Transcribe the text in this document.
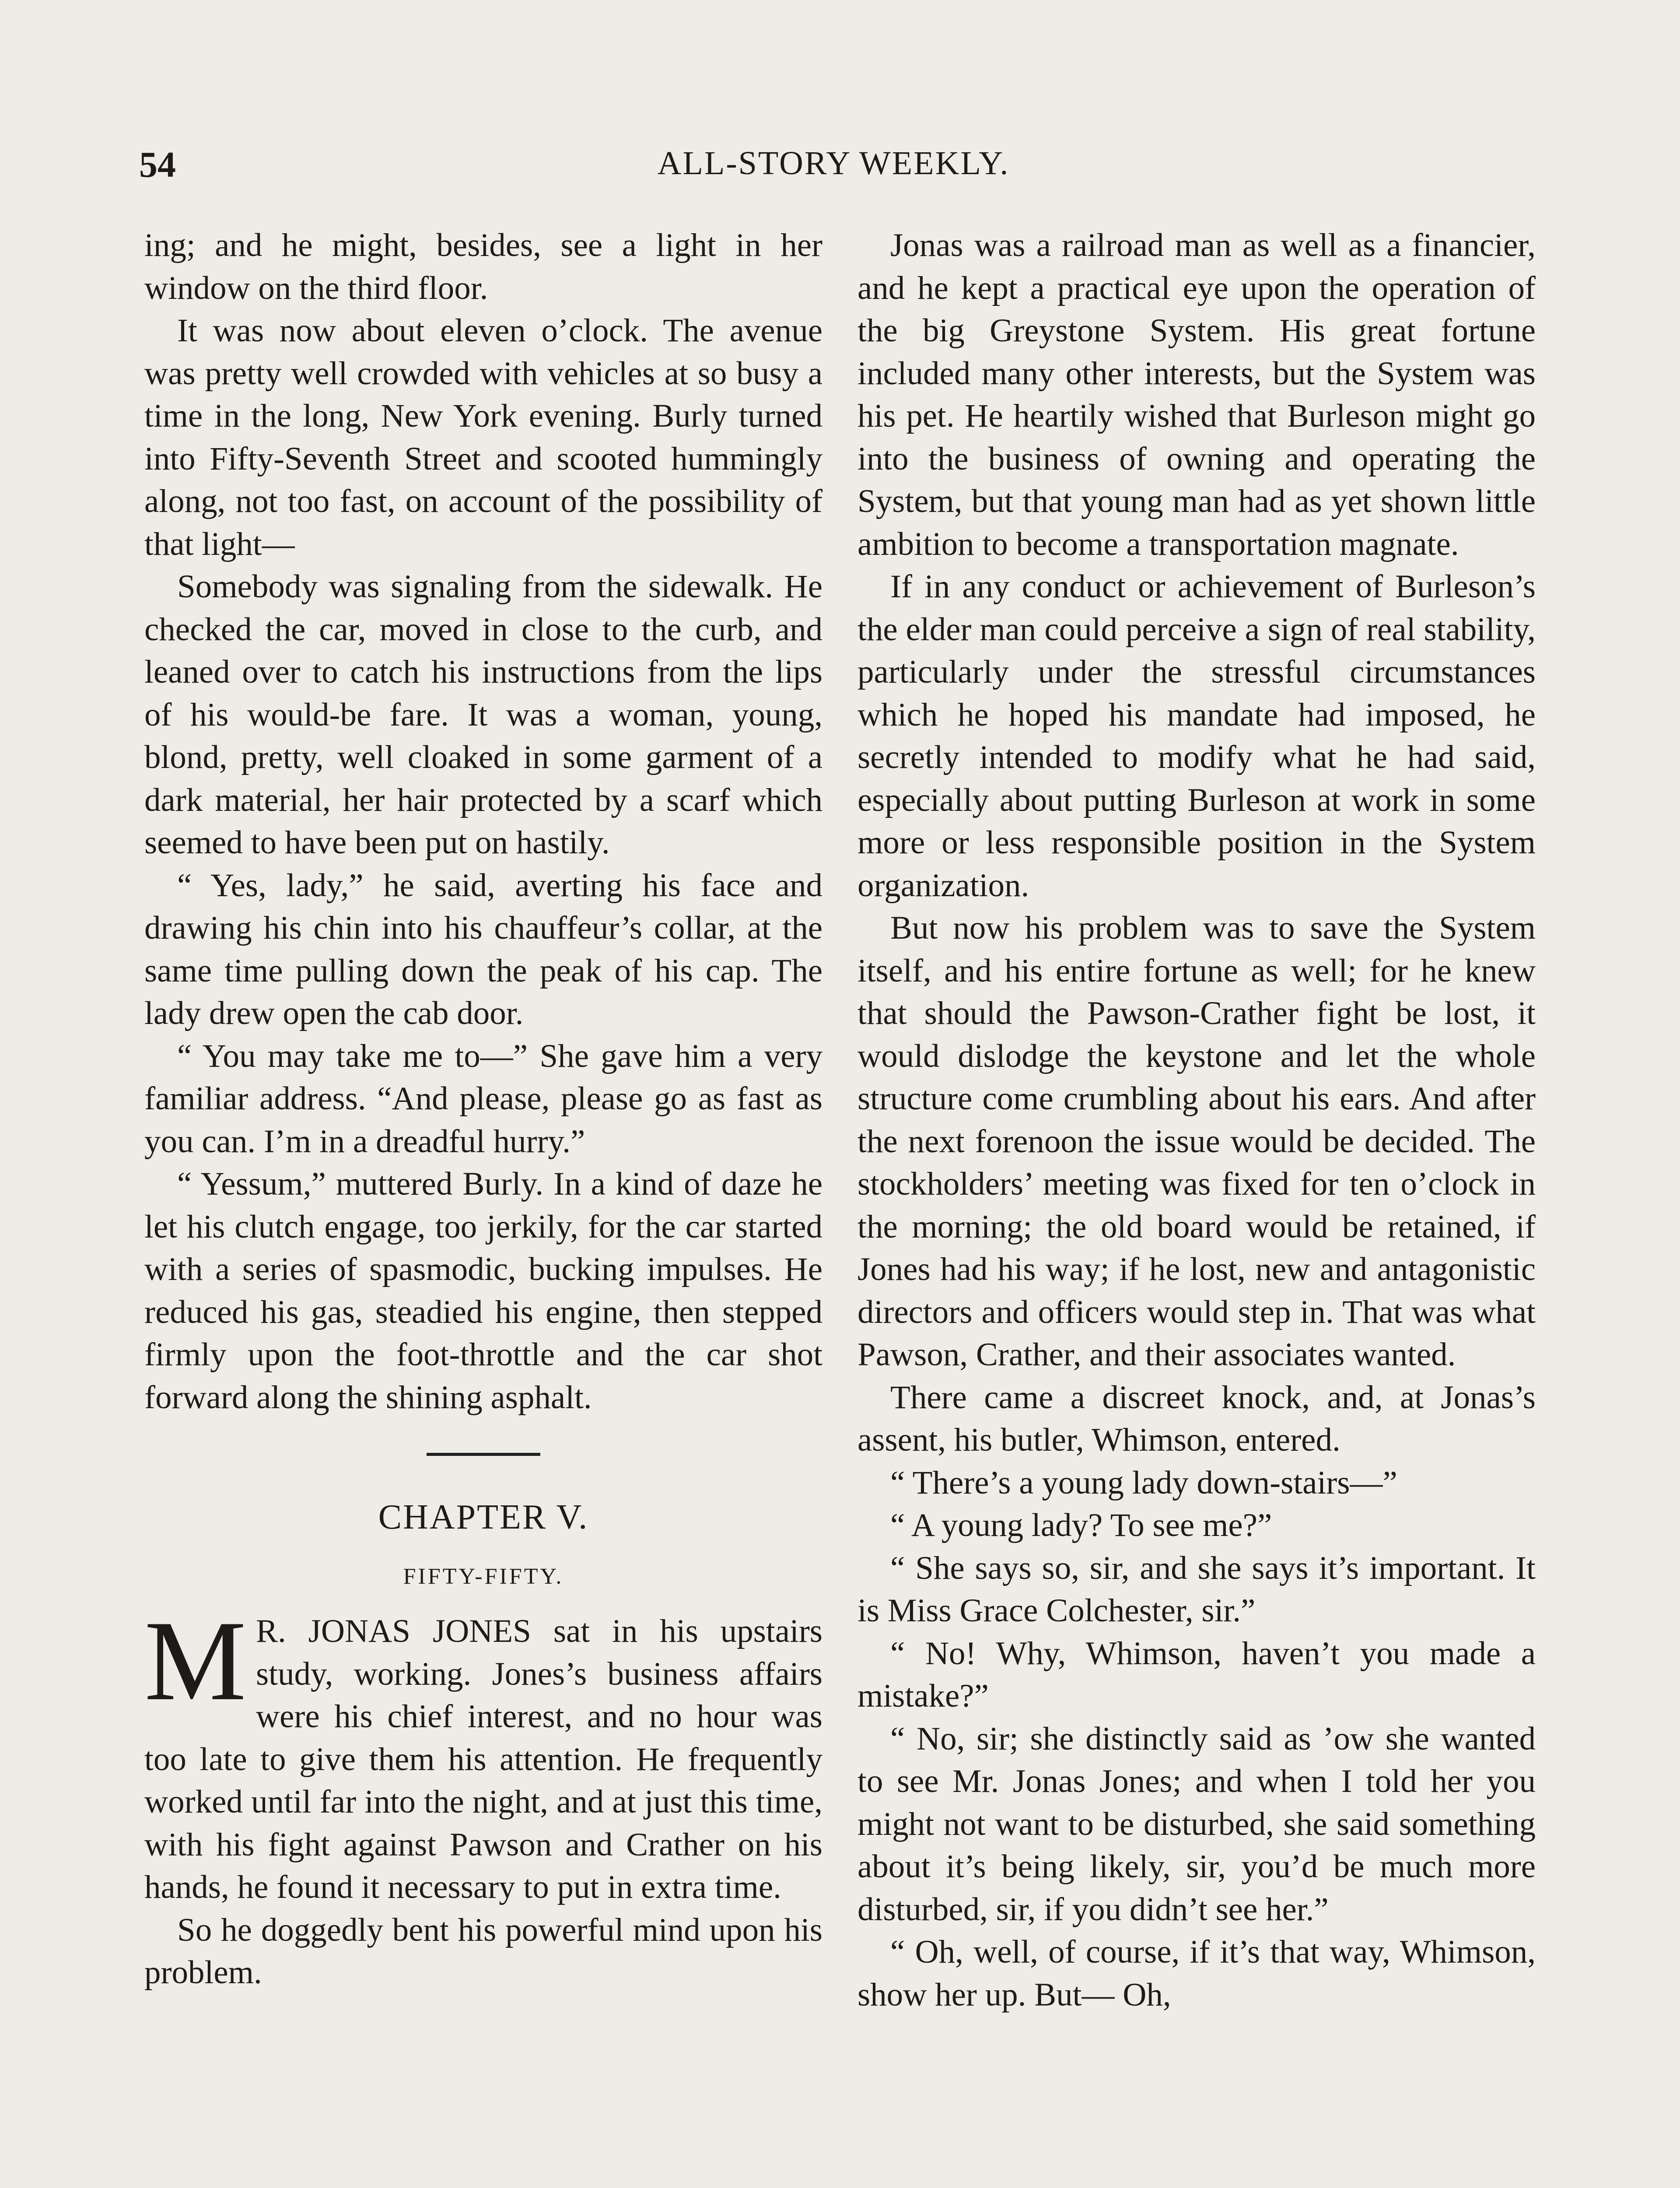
54	ALL-STORY WEEKLY.

ing; and he might, besides, see a light in her window on the third floor.

It was now about eleven o’clock. The avenue was pretty well crowded with vehicles at so busy a time in the long, New York evening. Burly turned into Fifty-Seventh Street and scooted hummingly along, not too fast, on account of the possibility of that light—

Somebody was signaling from the sidewalk. He checked the car, moved in close to the curb, and leaned over to catch his instructions from the lips of his would-be fare. It was a woman, young, blond, pretty, well cloaked in some garment of a dark material, her hair protected by a scarf which seemed to have been put on hastily.

“ Yes, lady,” he said, averting his face and drawing his chin into his chauffeur’s collar, at the same time pulling down the peak of his cap. The lady drew open the cab door.

“ You may take me to—” She gave him a very familiar address. “And please, please go as fast as you can. I’m in a dreadful hurry.”

“ Yessum,” muttered Burly. In a kind of daze he let his clutch engage, too jerkily, for the car started with a series of spasmodic, bucking impulses. He reduced his gas, steadied his engine, then stepped firmly upon the foot-throttle and the car shot forward along the shining asphalt.

CHAPTER V.
FIFTY-FIFTY.

M R. JONAS JONES sat in his upstairs study, working. Jones’s business affairs were his chief interest, and no hour was too late to give them his attention. He frequently worked until far into the night, and at just this time, with his fight against Pawson and Crather on his hands, he found it necessary to put in extra time.

So he doggedly bent his powerful mind upon his problem.

Jonas was a railroad man as well as a financier, and he kept a practical eye upon the operation of the big Greystone System. His great fortune included many other interests, but the System was his pet. He heartily wished that Burleson might go into the business of owning and operating the System, but that young man had as yet shown little ambition to become a transportation magnate.

If in any conduct or achievement of Burleson’s the elder man could perceive a sign of real stability, particularly under the stressful circumstances which he hoped his mandate had imposed, he secretly intended to modify what he had said, especially about putting Burleson at work in some more or less responsible position in the System organization.

But now his problem was to save the System itself, and his entire fortune as well; for he knew that should the Pawson-Crather fight be lost, it would dislodge the keystone and let the whole structure come crumbling about his ears. And after the next forenoon the issue would be decided. The stockholders’ meeting was fixed for ten o’clock in the morning; the old board would be retained, if Jones had his way; if he lost, new and antagonistic directors and officers would step in. That was what Pawson, Crather, and their associates wanted.

There came a discreet knock, and, at Jonas’s assent, his butler, Whimson, entered.

“ There’s a young lady down-stairs—”

“ A young lady? To see me?”

“ She says so, sir, and she says it’s important. It is Miss Grace Colchester, sir.”

“ No! Why, Whimson, haven’t you made a mistake?”

“ No, sir; she distinctly said as ’ow she wanted to see Mr. Jonas Jones; and when I told her you might not want to be disturbed, she said something about it’s being likely, sir, you’d be much more disturbed, sir, if you didn’t see her.”

“ Oh, well, of course, if it’s that way, Whimson, show her up. But— Oh,
